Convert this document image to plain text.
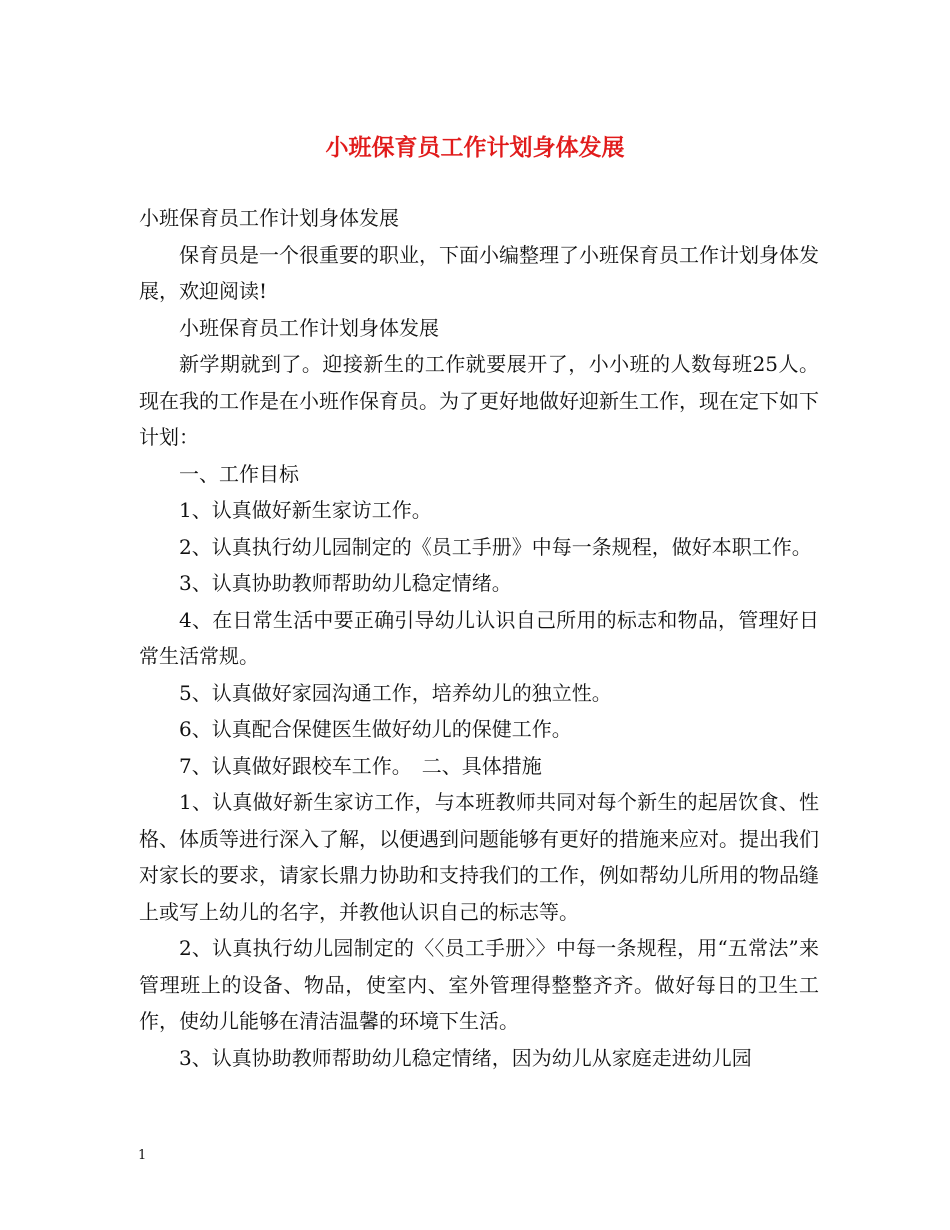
小班保育员工作计划身体发展

小班保育员工作计划身体发展

保育员是一个很重要的职业，下面小编整理了小班保育员工作计划身体发展，欢迎阅读!

小班保育员工作计划身体发展

新学期就到了。迎接新生的工作就要展开了，小小班的人数每班25人。现在我的工作是在小班作保育员。为了更好地做好迎新生工作，现在定下如下计划：

一、工作目标

1、认真做好新生家访工作。

2、认真执行幼儿园制定的《员工手册》中每一条规程，做好本职工作。

3、认真协助教师帮助幼儿稳定情绪。

4、在日常生活中要正确引导幼儿认识自己所用的标志和物品，管理好日常生活常规。

5、认真做好家园沟通工作，培养幼儿的独立性。

6、认真配合保健医生做好幼儿的保健工作。

7、认真做好跟校车工作。　二、具体措施

1、认真做好新生家访工作，与本班教师共同对每个新生的起居饮食、性格、体质等进行深入了解，以便遇到问题能够有更好的措施来应对。提出我们对家长的要求，请家长鼎力协助和支持我们的工作，例如帮幼儿所用的物品缝上或写上幼儿的名字，并教他认识自己的标志等。

2、认真执行幼儿园制定的〈〈员工手册〉〉中每一条规程，用“五常法”来管理班上的设备、物品，使室内、室外管理得整整齐齐。做好每日的卫生工作，使幼儿能够在清洁温馨的环境下生活。

3、认真协助教师帮助幼儿稳定情绪，因为幼儿从家庭走进幼儿园

1
